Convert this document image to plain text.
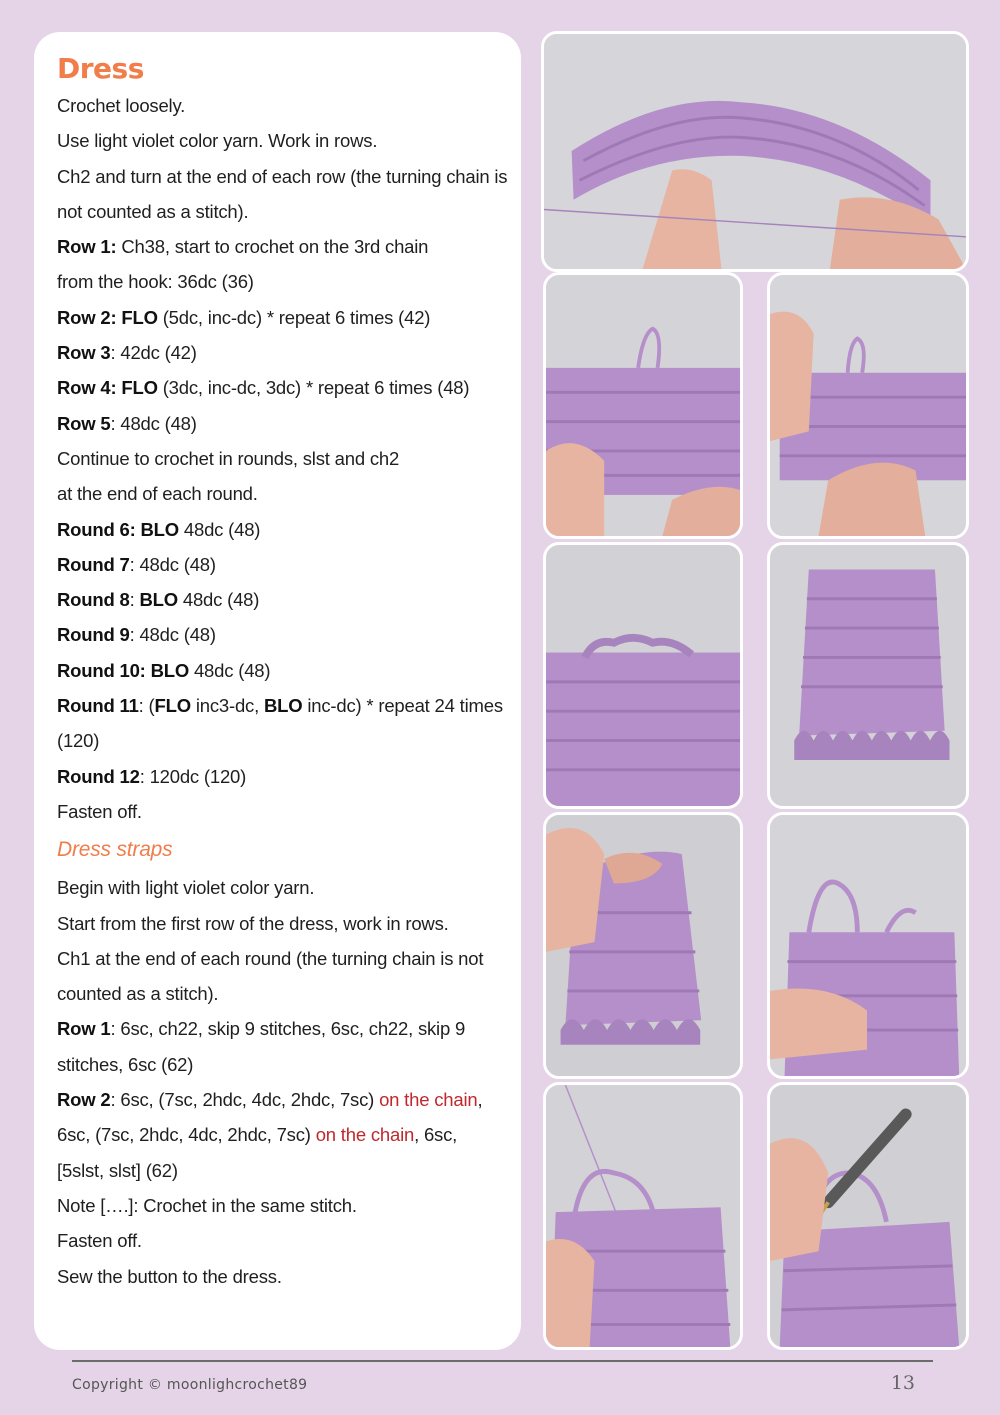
Dress
Crochet loosely.
Use light violet color yarn. Work in rows.
Ch2 and turn at the end of each row (the turning chain is
not counted as a stitch).
Row 1: Ch38, start to crochet on the 3rd chain
from the hook: 36dc (36)
Row 2: FLO (5dc, inc-dc) * repeat 6 times (42)
Row 3: 42dc (42)
Row 4: FLO (3dc, inc-dc, 3dc) * repeat 6 times (48)
Row 5: 48dc (48)
Continue to crochet in rounds, slst and ch2
at the end of each round.
Round 6: BLO 48dc (48)
Round 7: 48dc (48)
Round 8: BLO 48dc (48)
Round 9: 48dc (48)
Round 10: BLO 48dc (48)
Round 11: (FLO inc3-dc, BLO inc-dc) * repeat 24 times
(120)
Round 12: 120dc (120)
Fasten off.
Dress straps
Begin with light violet color yarn.
Start from the first row of the dress, work in rows.
Ch1 at the end of each round (the turning chain is not
counted as a stitch).
Row 1: 6sc, ch22, skip 9 stitches, 6sc, ch22, skip 9
stitches, 6sc (62)
Row 2: 6sc, (7sc, 2hdc, 4dc, 2hdc, 7sc) on the chain,
6sc, (7sc, 2hdc, 4dc, 2hdc, 7sc) on the chain, 6sc,
[5slst, slst] (62)
Note [….]: Crochet in the same stitch.
Fasten off.
Sew the button to the dress.
Copyright © moonlighcrochet89	13
